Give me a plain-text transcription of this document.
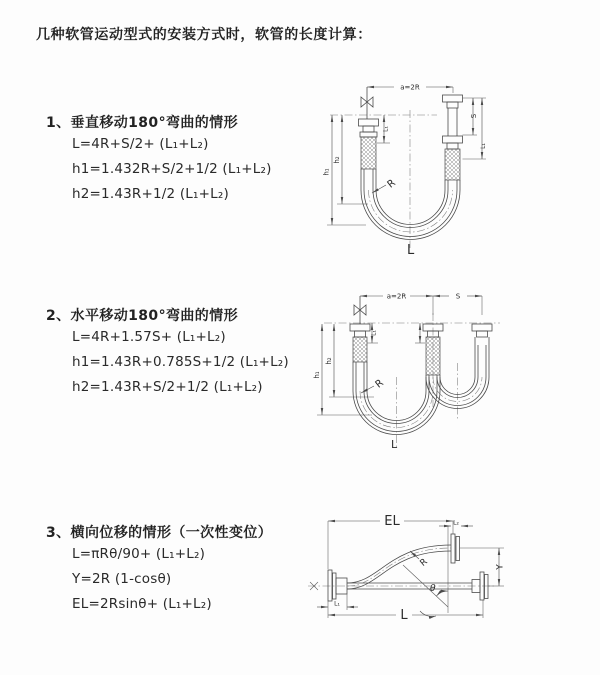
几种软管运动型式的安装方式时，软管的长度计算：
1、垂直移动180°弯曲的情形
L=4R+S/2+ (L₁+L₂)
h1=1.432R+S/2+1/2 (L₁+L₂)
h2=1.43R+1/2 (L₁+L₂)
2、水平移动180°弯曲的情形
L=4R+1.57S+ (L₁+L₂)
h1=1.43R+0.785S+1/2 (L₁+L₂)
h2=1.43R+S/2+1/2 (L₁+L₂)
3、横向位移的情形（一次性变位）
L=πRθ/90+ (L₁+L₂)
Y=2R (1-cosθ)
EL=2Rsinθ+ (L₁+L₂)
a=2R
h₁
h₂
L₁
S
L₁
R
L
a=2R	S
h₁
h₂
L₁
R
L
EL	L₂
θ
R	Y
L₁
L
